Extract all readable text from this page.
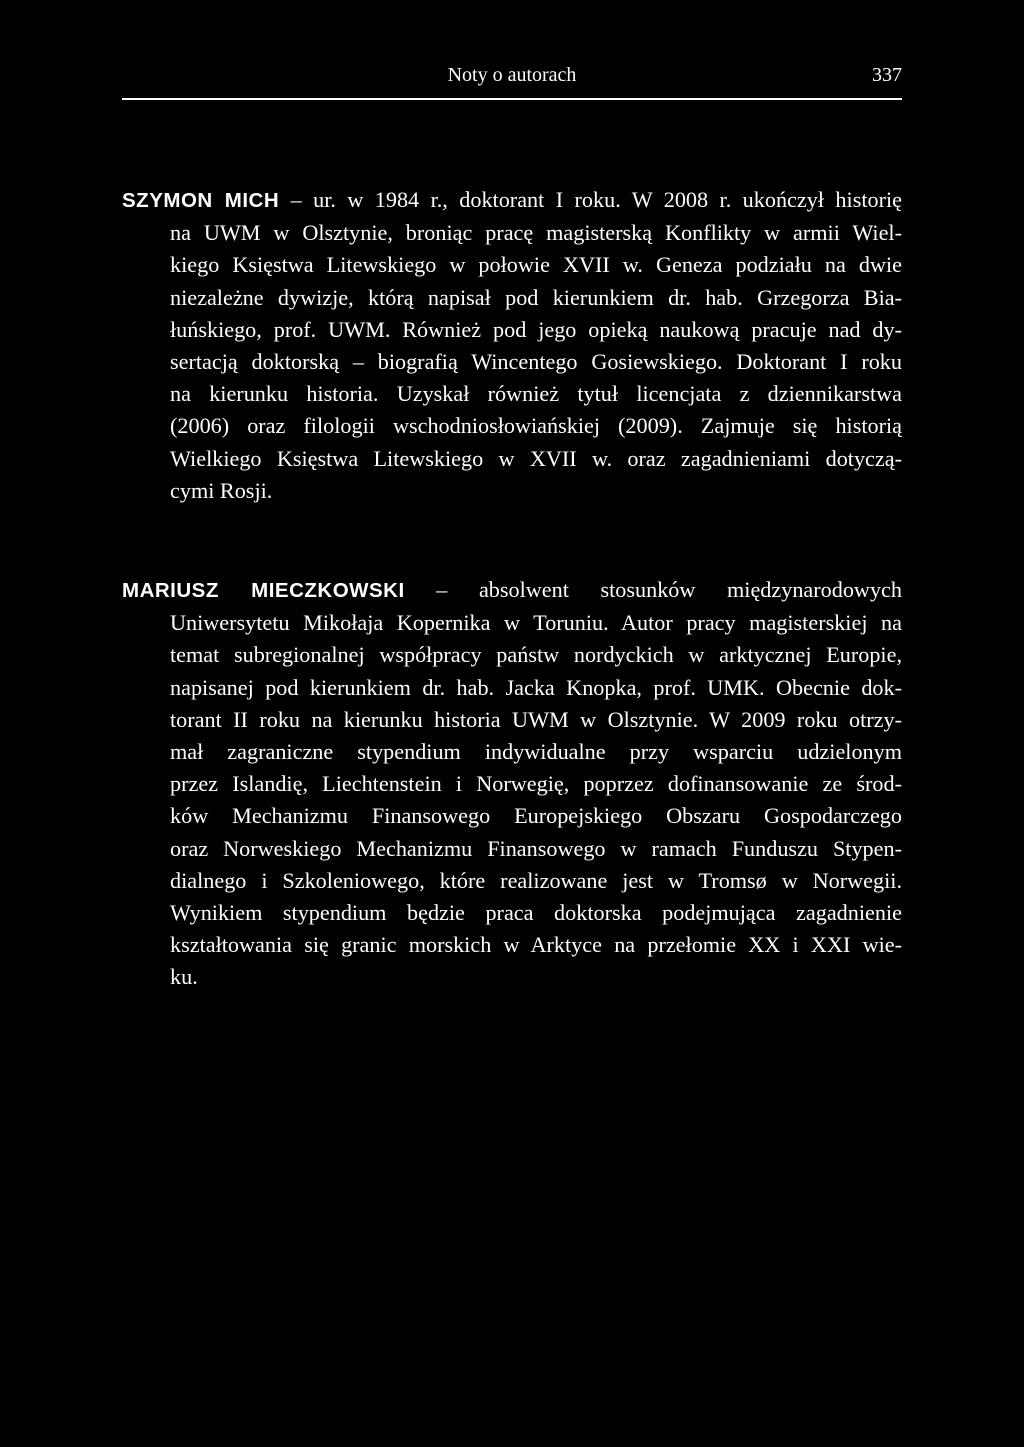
Noty o autorach	337
SZYMON MICH – ur. w 1984 r., doktorant I roku. W 2008 r. ukończył historię
na UWM w Olsztynie, broniąc pracę magisterską Konflikty w armii Wiel-
kiego Księstwa Litewskiego w połowie XVII w. Geneza podziału na dwie
niezależne dywizje, którą napisał pod kierunkiem dr. hab. Grzegorza Bia-
łuńskiego, prof. UWM. Również pod jego opieką naukową pracuje nad dy-
sertacją doktorską – biografią Wincentego Gosiewskiego. Doktorant I roku
na kierunku historia. Uzyskał również tytuł licencjata z dziennikarstwa
(2006) oraz filologii wschodniosłowiańskiej (2009). Zajmuje się historią
Wielkiego Księstwa Litewskiego w XVII w. oraz zagadnieniami dotyczą-
cymi Rosji.
MARIUSZ MIECZKOWSKI – absolwent stosunków międzynarodowych
Uniwersytetu Mikołaja Kopernika w Toruniu. Autor pracy magisterskiej na
temat subregionalnej współpracy państw nordyckich w arktycznej Europie,
napisanej pod kierunkiem dr. hab. Jacka Knopka, prof. UMK. Obecnie dok-
torant II roku na kierunku historia UWM w Olsztynie. W 2009 roku otrzy-
mał zagraniczne stypendium indywidualne przy wsparciu udzielonym
przez Islandię, Liechtenstein i Norwegię, poprzez dofinansowanie ze środ-
ków Mechanizmu Finansowego Europejskiego Obszaru Gospodarczego
oraz Norweskiego Mechanizmu Finansowego w ramach Funduszu Stypen-
dialnego i Szkoleniowego, które realizowane jest w Tromsø w Norwegii.
Wynikiem stypendium będzie praca doktorska podejmująca zagadnienie
kształtowania się granic morskich w Arktyce na przełomie XX i XXI wie-
ku.
